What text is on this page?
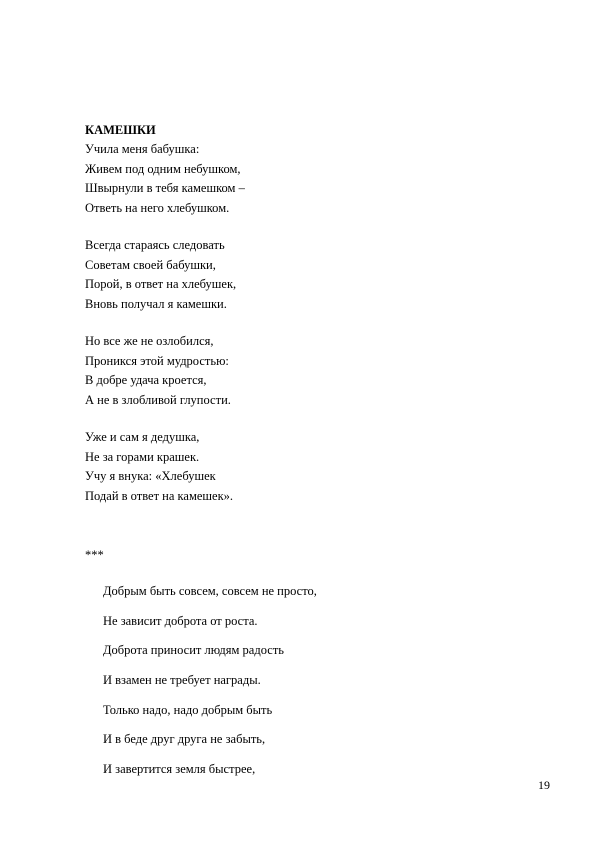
КАМЕШКИ
Учила меня бабушка:
Живем под одним небушком,
Швырнули в тебя камешком –
Ответь на него хлебушком.
Всегда стараясь следовать
Советам своей бабушки,
Порой, в ответ на хлебушек,
Вновь получал я камешки.
Но все же не озлобился,
Проникся этой мудростью:
В добре удача кроется,
А не в злобливой глупости.
Уже и сам я дедушка,
Не за горами крашек.
Учу я внука: «Хлебушек
Подай в ответ на камешек».
***
Добрым быть совсем, совсем не просто,
Не зависит доброта от роста.
Доброта приносит людям радость
И взамен не требует награды.
Только надо, надо добрым быть
И в беде друг друга не забыть,
И завертится земля быстрее,
19
